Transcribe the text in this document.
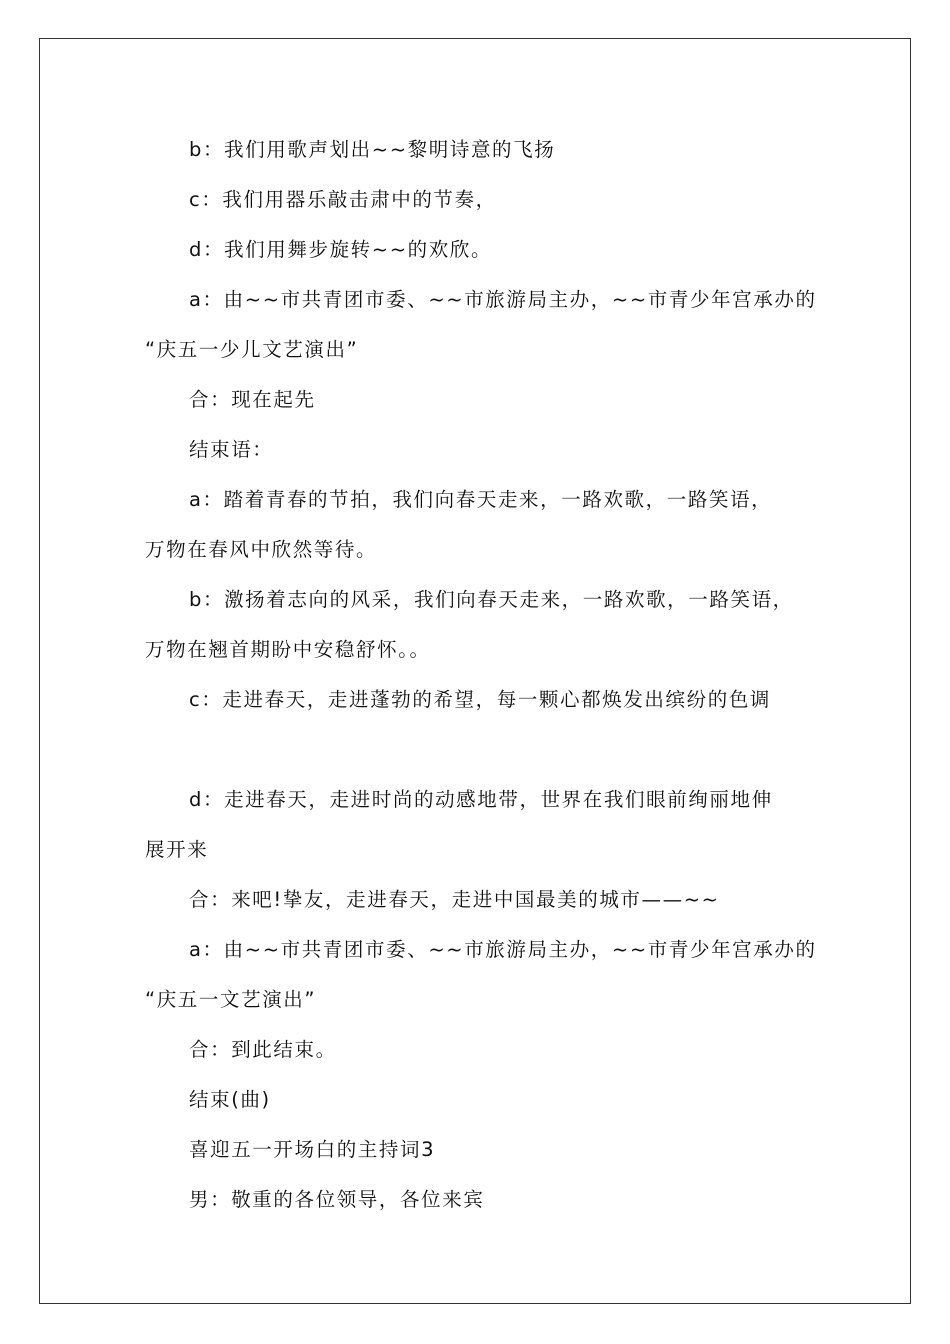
b：我们用歌声划出~~黎明诗意的飞扬
c：我们用器乐敲击肃中的节奏，
d：我们用舞步旋转~~的欢欣。
a：由~~市共青团市委、~~市旅游局主办，~~市青少年宫承办的
“庆五一少儿文艺演出”
合：现在起先
结束语：
a：踏着青春的节拍，我们向春天走来，一路欢歌，一路笑语，
万物在春风中欣然等待。
b：激扬着志向的风采，我们向春天走来，一路欢歌，一路笑语，
万物在翘首期盼中安稳舒怀。。
c：走进春天，走进蓬勃的希望，每一颗心都焕发出缤纷的色调
d：走进春天，走进时尚的动感地带，世界在我们眼前绚丽地伸
展开来
合：来吧!挚友，走进春天，走进中国最美的城市——~~
a：由~~市共青团市委、~~市旅游局主办，~~市青少年宫承办的
“庆五一文艺演出”
合：到此结束。
结束(曲)
喜迎五一开场白的主持词3
男：敬重的各位领导，各位来宾
